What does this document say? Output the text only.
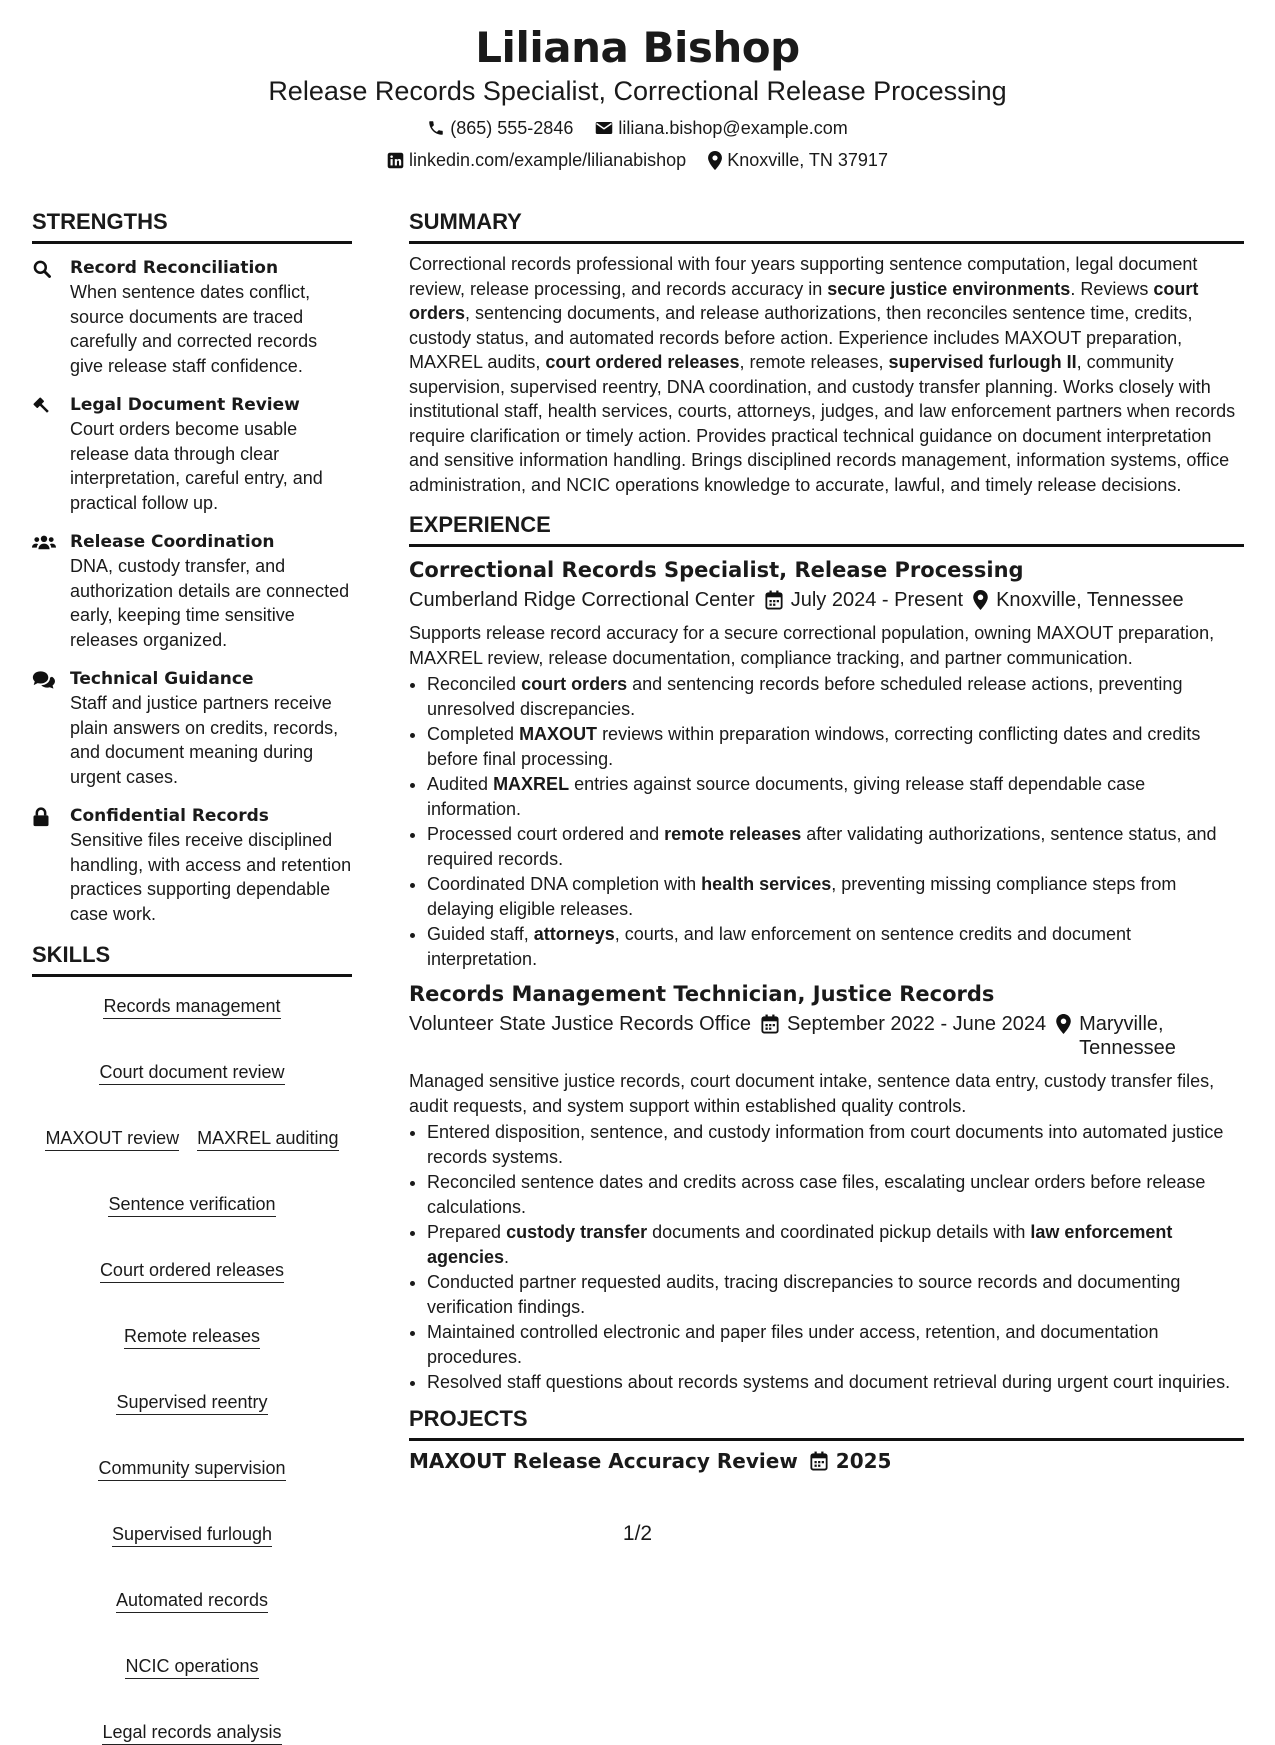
Liliana Bishop

Release Records Specialist, Correctional Release Processing

(865) 555-2846	liliana.bishop@example.com
linkedin.com/example/lilianabishop Knoxville, TN 37917
STRENGTHS
Record Reconciliation
When sentence dates conflict, source documents are traced carefully and corrected records give release staff confidence.
Legal Document Review
Court orders become usable release data through clear interpretation, careful entry, and practical follow up.
Release Coordination
DNA, custody transfer, and authorization details are connected early, keeping time sensitive releases organized.
Technical Guidance
Staff and justice partners receive plain answers on credits, records, and document meaning during urgent cases.
Confidential Records
Sensitive files receive disciplined handling, with access and retention practices supporting dependable case work.
SKILLS
Records management
Court document review
MAXOUT review MAXREL auditing
Sentence verification
Court ordered releases
Remote releases
Supervised reentry
Community supervision
Supervised furlough
Automated records
NCIC operations
Legal records analysis
SUMMARY

Correctional records professional with four years supporting sentence computation, legal document review, release processing, and records accuracy in secure justice environments. Reviews court orders, sentencing documents, and release authorizations, then reconciles sentence time, credits, custody status, and automated records before action. Experience includes MAXOUT preparation, MAXREL audits, court ordered releases, remote releases, supervised furlough II, community supervision, supervised reentry, DNA coordination, and custody transfer planning. Works closely with institutional staff, health services, courts, attorneys, judges, and law enforcement partners when records require clarification or timely action. Provides practical technical guidance on document interpretation and sensitive information handling. Brings disciplined records management, information systems, office administration, and NCIC operations knowledge to accurate, lawful, and timely release decisions.

EXPERIENCE
Correctional Records Specialist, Release Processing
Cumberland Ridge Correctional Center July 2024 - Present Knoxville, Tennessee

Supports release record accuracy for a secure correctional population, owning MAXOUT preparation, MAXREL review, release documentation, compliance tracking, and partner communication.

• Reconciled court orders and sentencing records before scheduled release actions, preventing unresolved discrepancies.
• Completed MAXOUT reviews within preparation windows, correcting conflicting dates and credits before final processing.
• Audited MAXREL entries against source documents, giving release staff dependable case information.
• Processed court ordered and remote releases after validating authorizations, sentence status, and required records.
• Coordinated DNA completion with health services, preventing missing compliance steps from delaying eligible releases.
• Guided staff, attorneys, courts, and law enforcement on sentence credits and document interpretation.
Records Management Technician, Justice Records
Volunteer State Justice Records Office September 2022 - June 2024 Maryville, Tennessee

Managed sensitive justice records, court document intake, sentence data entry, custody transfer files, audit requests, and system support within established quality controls.

• Entered disposition, sentence, and custody information from court documents into automated justice records systems.
• Reconciled sentence dates and credits across case files, escalating unclear orders before release calculations.
• Prepared custody transfer documents and coordinated pickup details with law enforcement agencies.
• Conducted partner requested audits, tracing discrepancies to source records and documenting verification findings.
• Maintained controlled electronic and paper files under access, retention, and documentation procedures.
• Resolved staff questions about records systems and document retrieval during urgent court inquiries.
PROJECTS
MAXOUT Release Accuracy Review 2025
1/2
